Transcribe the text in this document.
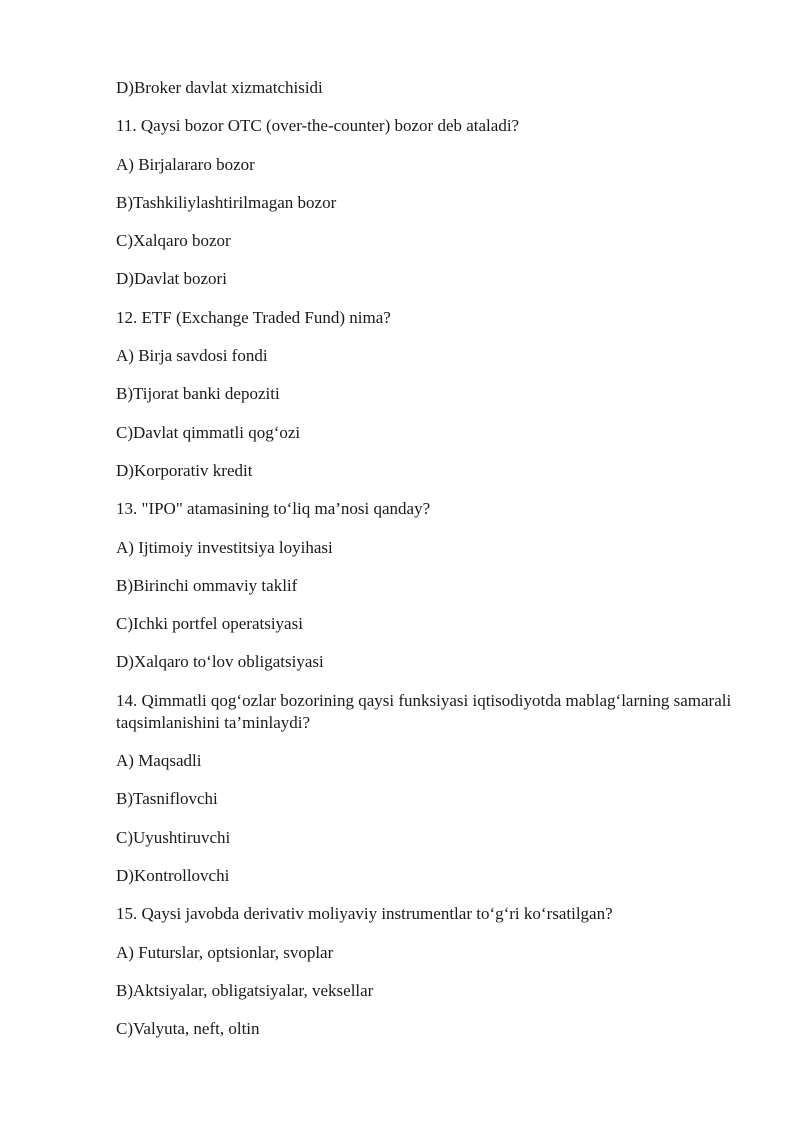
D)Broker davlat xizmatchisidi

11. Qaysi bozor OTC (over-the-counter) bozor deb ataladi?

A) Birjalararo bozor

B)Tashkiliylashtirilmagan bozor

C)Xalqaro bozor

D)Davlat bozori

12. ETF (Exchange Traded Fund) nima?

A) Birja savdosi fondi

B)Tijorat banki depoziti

C)Davlat qimmatli qog‘ozi

D)Korporativ kredit

13. "IPO" atamasining to‘liq ma’nosi qanday?

A) Ijtimoiy investitsiya loyihasi

B)Birinchi ommaviy taklif

C)Ichki portfel operatsiyasi

D)Xalqaro to‘lov obligatsiyasi

14. Qimmatli qog‘ozlar bozorining qaysi funksiyasi iqtisodiyotda mablag‘larning samarali taqsimlanishini ta’minlaydi?

A) Maqsadli

B)Tasniflovchi

C)Uyushtiruvchi

D)Kontrollovchi

15. Qaysi javobda derivativ moliyaviy instrumentlar to‘g‘ri ko‘rsatilgan?

A) Futurslar, optsionlar, svoplar

B)Aktsiyalar, obligatsiyalar, veksellar

C)Valyuta, neft, oltin
